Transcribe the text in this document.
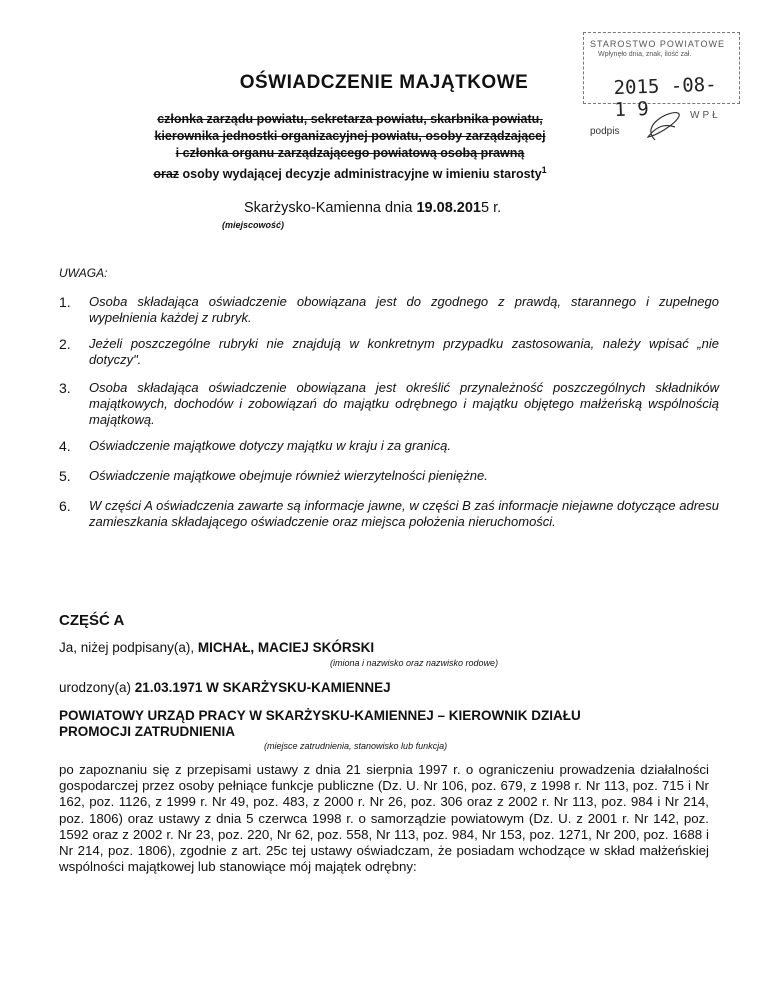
STAROSTWO POWIATOWE
Wpłynęło dnia, znak, ilość zał.
2015 -08- 1 9	WPŁ
podpis
OŚWIADCZENIE MAJĄTKOWE
członka zarządu powiatu, sekretarza powiatu, skarbnika powiatu,
kierownika jednostki organizacyjnej powiatu, osoby zarządzającej
i członka organu zarządzającego powiatową osobą prawną
oraz osoby wydającej decyzje administracyjne w imieniu starosty$^1$
Skarżysko-Kamienna dnia 19.08.2015 r.
(miejscowość)
UWAGA:
1. Osoba składająca oświadczenie obowiązana jest do zgodnego z prawdą, starannego i zupełnego wypełnienia każdej z rubryk.
2. Jeżeli poszczególne rubryki nie znajdują w konkretnym przypadku zastosowania, należy wpisać „nie dotyczy".
3. Osoba składająca oświadczenie obowiązana jest określić przynależność poszczególnych składników majątkowych, dochodów i zobowiązań do majątku odrębnego i majątku objętego małżeńską wspólnością majątkową.
4. Oświadczenie majątkowe dotyczy majątku w kraju i za granicą.
5. Oświadczenie majątkowe obejmuje również wierzytelności pieniężne.
6. W części A oświadczenia zawarte są informacje jawne, w części B zaś informacje niejawne dotyczące adresu zamieszkania składającego oświadczenie oraz miejsca położenia nieruchomości.
CZĘŚĆ A
Ja, niżej podpisany(a), MICHAŁ, MACIEJ SKÓRSKI
(imiona i nazwisko oraz nazwisko rodowe)
urodzony(a) 21.03.1971 W SKARŻYSKU-KAMIENNEJ
POWIATOWY URZĄD PRACY W SKARŻYSKU-KAMIENNEJ – KIEROWNIK DZIAŁU
PROMOCJI ZATRUDNIENIA
(miejsce zatrudnienia, stanowisko lub funkcja)
po zapoznaniu się z przepisami ustawy z dnia 21 sierpnia 1997 r. o ograniczeniu prowadzenia działalności gospodarczej przez osoby pełniące funkcje publiczne (Dz. U. Nr 106, poz. 679, z 1998 r. Nr 113, poz. 715 i Nr 162, poz. 1126, z 1999 r. Nr 49, poz. 483, z 2000 r. Nr 26, poz. 306 oraz z 2002 r. Nr 113, poz. 984 i Nr 214, poz. 1806) oraz ustawy z dnia 5 czerwca 1998 r. o samorządzie powiatowym (Dz. U. z 2001 r. Nr 142, poz. 1592 oraz z 2002 r. Nr 23, poz. 220, Nr 62, poz. 558, Nr 113, poz. 984, Nr 153, poz. 1271, Nr 200, poz. 1688 i Nr 214, poz. 1806), zgodnie z art. 25c tej ustawy oświadczam, że posiadam wchodzące w skład małżeńskiej wspólności majątkowej lub stanowiące mój majątek odrębny:
